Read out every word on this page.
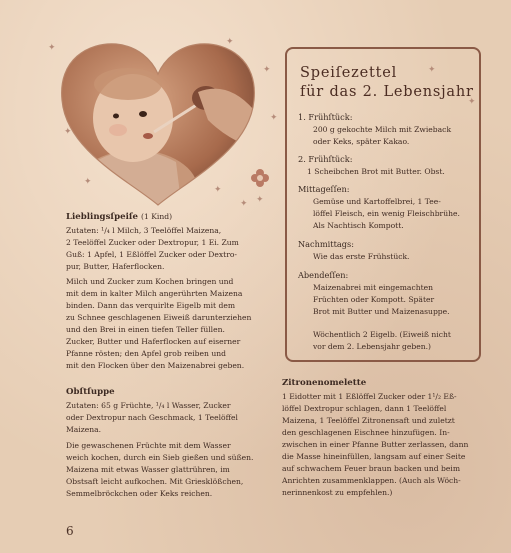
✦
✦
✦
✦
✦
✦
✦
✦
✦
✦
✦
Lieblingsſpeiſe (1 Kind)
Zutaten: ¹/₄ l Milch, 3 Teelöffel Maizena,
2 Teelöffel Zucker oder Dextropur, 1 Ei. Zum
Guß: 1 Apfel, 1 Eßlöffel Zucker oder Dextro-
pur, Butter, Haferflocken.
Milch und Zucker zum Kochen bringen und
mit dem in kalter Milch angerührten Maizena
binden. Dann das verquirlte Eigelb mit dem
zu Schnee geschlagenen Eiweiß darunterziehen
und den Brei in einen tiefen Teller füllen.
Zucker, Butter und Haferflocken auf eiserner
Pfanne rösten; den Apfel grob reiben und
mit den Flocken über den Maizenabrei geben.
Obſtſuppe
Zutaten: 65 g Früchte, ¹/₄ l Wasser, Zucker
oder Dextropur nach Geschmack, 1 Teelöffel
Maizena.
Die gewaschenen Früchte mit dem Wasser
weich kochen, durch ein Sieb gießen und süßen.
Maizena mit etwas Wasser glattrühren, im
Obstsaft leicht aufkochen. Mit Griesklößchen,
Semmelbröckchen oder Keks reichen.
6
Speiſezettel
für das 2. Lebensjahr
1. Frühſtück:
200 g gekochte Milch mit Zwieback
oder Keks, später Kakao.
2. Frühſtück:
1 Scheibchen Brot mit Butter. Obst.
Mittageſſen:
Gemüse und Kartoffelbrei, 1 Tee-
löffel Fleisch, ein wenig Fleischbrühe.
Als Nachtisch Kompott.
Nachmittags:
Wie das erste Frühstück.
Abendeſſen:
Maizenabrei mit eingemachten
Früchten oder Kompott. Später
Brot mit Butter und Maizenasuppe.
Wöchentlich 2 Eigelb. (Eiweiß nicht
vor dem 2. Lebensjahr geben.)
Zitronenomelette
1 Eidotter mit 1 Eßlöffel Zucker oder 1¹/₂ Eß-
löffel Dextropur schlagen, dann 1 Teelöffel
Maizena, 1 Teelöffel Zitronensaft und zuletzt
den geschlagenen Eischnee hinzufügen. In-
zwischen in einer Pfanne Butter zerlassen, dann
die Masse hineinfüllen, langsam auf einer Seite
auf schwachem Feuer braun backen und beim
Anrichten zusammenklappen. (Auch als Wöch-
nerinnenkost zu empfehlen.)
